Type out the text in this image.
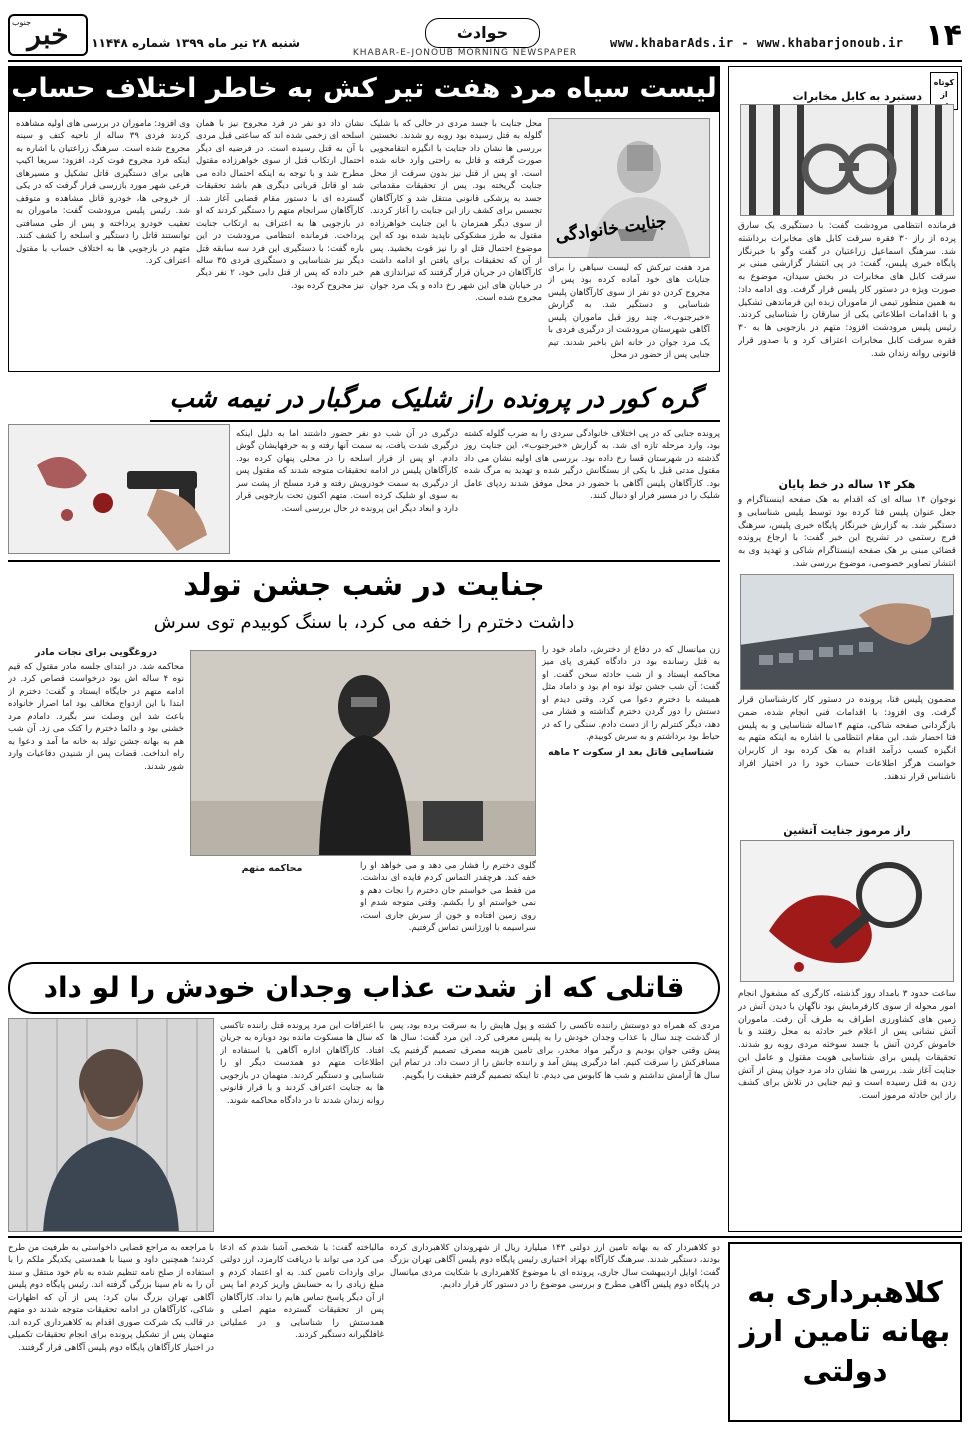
۱۴
www.khabarAds.ir - www.khabarjonoub.ir
حوادث
KHABAR-E-JONOUB MORNING NEWSPAPER
شنبه ۲۸ تیر ماه ۱۳۹۹ شماره ۱۱۴۴۸
جنوب
خبر
لیست سیاه مرد هفت تیر کش به خاطر اختلاف حساب
جنایت خانوادگی
مرد هفت تیرکش که لیست سیاهی را برای جنایات های خود آماده کرده بود پس از مجروح کردن دو نفر از سوی کارآگاهان پلیس شناسایی و دستگیر شد. به گزارش «خبرجنوب»، چند روز قبل ماموران پلیس آگاهی شهرستان مرودشت از درگیری فردی با یک مرد جوان در خانه اش باخبر شدند. تیم جنایی پس از حضور در محل
محل جنایت با جسد مردی در حالی که با شلیک گلوله به قتل رسیده بود روبه رو شدند. نخستین بررسی ها نشان داد جنایت با انگیزه انتقامجویی صورت گرفته و قاتل به راحتی وارد خانه شده است. او پس از قتل نیز بدون سرقت از محل جنایت گریخته بود. پس از تحقیقات مقدماتی جسد به پزشکی قانونی منتقل شد و کارآگاهان تجسس برای کشف راز این جنایت را آغاز کردند. از سوی دیگر همزمان با این جنایت خواهرزاده مقتول به طرز مشکوکی ناپدید شده بود که این موضوع احتمال قتل او را نیز قوت بخشید. پس از آن که تحقیقات برای یافتن او ادامه داشت کارآگاهان در جریان قرار گرفتند که تیراندازی هم در خیابان های این شهر رخ داده و یک مرد جوان مجروح شده است.
نشان داد دو نفر در فرد مجروح نیز با همان اسلحه ای زخمی شده اند که ساعتی قبل مردی با آن به قتل رسیده است. در فرضیه ای دیگر احتمال ارتکاب قتل از سوی خواهرزاده مقتول مطرح شد و با توجه به اینکه احتمال داده می شد او قاتل قربانی دیگری هم باشد تحقیقات گسترده ای با دستور مقام قضایی آغاز شد. کارآگاهان سرانجام متهم را دستگیر کردند که او در بازجویی ها به اعتراف به ارتکاب جنایت پرداخت. فرمانده انتظامی مرودشت در این باره گفت: با دستگیری این فرد سه سابقه قتل دیگر نیز شناسایی و دستگیری فردی ۳۵ ساله خبر داده که پس از قتل دایی خود، ۲ نفر دیگر نیز مجروح کرده بود.
وی افزود: ماموران در بررسی های اولیه مشاهده کردند فردی ۳۹ ساله از ناحیه کتف و سینه مجروح شده است. سرهنگ زراعتیان با اشاره به اینکه فرد مجروح فوت کرد، افزود: سریعا اکیپ هایی برای دستگیری قاتل تشکیل و مسیرهای فرعی شهر مورد بازرسی قرار گرفت که در یکی از خروجی ها، خودرو قاتل مشاهده و متوقف شد. رئیس پلیس مرودشت گفت: ماموران به تعقیب خودرو پرداخته و پس از طی مسافتی توانستند قاتل را دستگیر و اسلحه را کشف کنند. متهم در بازجویی ها به اختلاف حساب با مقتول اعتراف کرد.
گره کور در پرونده راز شلیک مرگبار در نیمه شب
پرونده جنایی که در پی اختلاف خانوادگی سردی را به ضرب گلوله کشته بود، وارد مرحله تازه ای شد. به گزارش «خبرجنوب»، این جنایت روز گذشته در شهرستان قسا رخ داده بود. بررسی های اولیه نشان می داد مقتول مدتی قبل با یکی از بستگانش درگیر شده و تهدید به مرگ شده بود. کارآگاهان پلیس آگاهی با حضور در محل موفق شدند ردپای عامل شلیک را در مسیر فرار او دنبال کنند.
درگیری در آن شب دو نفر حضور داشتند اما به دلیل اینکه درگیری شدت یافت، به سمت آنها رفته و به حرفهایشان گوش دادم. او پس از فرار اسلحه را در محلی پنهان کرده بود. کارآگاهان پلیس در ادامه تحقیقات متوجه شدند که مقتول پس از درگیری به سمت خودرویش رفته و فرد مسلح از پشت سر به سوی او شلیک کرده است. متهم اکنون تحت بازجویی قرار دارد و ابعاد دیگر این پرونده در حال بررسی است.
جنایت در شب جشن تولد
داشت دخترم را خفه می کرد، با سنگ کوبیدم توی سرش

زن میانسال که در دفاع از دخترش، داماد خود را به قتل رسانده بود در دادگاه کیفری پای میز محاکمه ایستاد و از شب حادثه سخن گفت. او گفت: آن شب جشن تولد نوه ام بود و داماد مثل همیشه با دخترم دعوا می کرد. وقتی دیدم او دستش را دور گردن دخترم گذاشته و فشار می دهد، دیگر کنترلم را از دست دادم. سنگی را که در حیاط بود برداشتم و به سرش کوبیدم.

شناسایی قاتل بعد از سکوت ۲ ماهه
گلوی دخترم را فشار می دهد و می خواهد او را خفه کند. هرچقدر التماس کردم فایده ای نداشت. من فقط می خواستم جان دخترم را نجات دهم و نمی خواستم او را بکشم. وقتی متوجه شدم او روی زمین افتاده و خون از سرش جاری است، سراسیمه با اورژانس تماس گرفتیم.
محاکمه متهم
دروغگویی برای نجات مادر

محاکمه شد. در ابتدای جلسه مادر مقتول که قیم نوه ۴ ساله اش بود درخواست قصاص کرد. در ادامه متهم در جایگاه ایستاد و گفت: دخترم از ابتدا با این ازدواج مخالف بود اما اصرار خانواده باعث شد این وصلت سر بگیرد. دامادم مرد خشنی بود و دائما دخترم را کتک می زد. آن شب هم به بهانه جشن تولد به خانه ما آمد و دعوا به راه انداخت. قضات پس از شنیدن دفاعیات وارد شور شدند.

قاتلی که از شدت عذاب وجدان خودش را لو داد
مردی که همراه دو دوستش راننده تاکسی را کشته و پول هایش را به سرقت برده بود، پس از گذشت چند سال با عذاب وجدان خودش را به پلیس معرفی کرد. این مرد گفت: سال ها پیش وقتی جوان بودیم و درگیر مواد مخدر، برای تامین هزینه مصرف تصمیم گرفتیم یک مسافرکش را سرقت کنیم. اما درگیری پیش آمد و راننده جانش را از دست داد. در تمام این سال ها آرامش نداشتم و شب ها کابوس می دیدم. تا اینکه تصمیم گرفتم حقیقت را بگویم.
با اعترافات این مرد پرونده قتل راننده تاکسی که سال ها مسکوت مانده بود دوباره به جریان افتاد. کارآگاهان اداره آگاهی با استفاده از اطلاعات متهم دو همدست دیگر او را شناسایی و دستگیر کردند. متهمان در بازجویی ها به جنایت اعتراف کردند و با قرار قانونی روانه زندان شدند تا در دادگاه محاکمه شوند.
دو کلاهبردار که به بهانه تامین ارز دولتی ۱۴۳ میلیارد ریال از شهروندان کلاهبرداری کرده بودند، دستگیر شدند. سرهنگ کارآگاه بهزاد اختیاری رئیس پایگاه دوم پلیس آگاهی تهران بزرگ گفت: اوایل اردیبهشت سال جاری، پرونده ای با موضوع کلاهبرداری با شکایت مردی میانسال در پایگاه دوم پلیس آگاهی مطرح و بررسی موضوع را در دستور کار قرار دادیم.
مالباخته گفت: با شخصی آشنا شدم که ادعا می کرد می تواند با دریافت کارمزد، ارز دولتی برای واردات تامین کند. به او اعتماد کردم و مبلغ زیادی را به حسابش واریز کردم اما پس از آن دیگر پاسخ تماس هایم را نداد. کارآگاهان پس از تحقیقات گسترده متهم اصلی و همدستش را شناسایی و در عملیاتی غافلگیرانه دستگیر کردند.
با مراجعه به مراجع قضایی داخواستی به ظرفیت من طرح کردند؛ همچنین داود و سینا با همدستی یکدیگر ملکم را با استفاده از صلح نامه تنظیم شده به نام خود منتقل و سند آن را به نام سینا بزرگی گرفته اند. رئیس پایگاه دوم پلیس آگاهی تهران بزرگ بیان کرد: پس از آن که اظهارات شاکی، کارآگاهان در ادامه تحقیقات متوجه شدند دو متهم در قالب یک شرکت صوری اقدام به کلاهبرداری کرده اند. متهمان پس از تشکیل پرونده برای انجام تحقیقات تکمیلی در اختیار کارآگاهان پایگاه دوم پلیس آگاهی قرار گرفتند.
کلاهبرداری به بهانه تامین ارز دولتی
کوتاه از
دستبرد به کابل مخابرات
فرمانده انتظامی مرودشت گفت: با دستگیری یک سارق پرده از راز ۳۰ فقره سرقت کابل های مخابرات برداشته شد. سرهنگ اسماعیل زراعتیان در گفت وگو با خبرنگار پایگاه خبری پلیس، گفت: در پی انتشار گزارشی مبنی بر سرقت کابل های مخابرات در بخش سیدان، موضوع به صورت ویژه در دستور کار پلیس قرار گرفت. وی ادامه داد: به همین منظور تیمی از ماموران زبده این فرماندهی تشکیل و با اقدامات اطلاعاتی یکی از سارقان را شناسایی کردند. رئیس پلیس مرودشت افزود: متهم در بازجویی ها به ۳۰ فقره سرقت کابل مخابرات اعتراف کرد و با صدور قرار قانونی روانه زندان شد.
هکر ۱۴ ساله در خط پایان
نوجوان ۱۴ ساله ای که اقدام به هک صفحه اینستاگرام و جعل عنوان پلیس فتا کرده بود توسط پلیس شناسایی و دستگیر شد. به گزارش خبرنگار پایگاه خبری پلیس، سرهنگ فرج رستمی در تشریح این خبر گفت: با ارجاع پرونده قضائی مبنی بر هک صفحه اینستاگرام شاکی و تهدید وی به انتشار تصاویر خصوصی، موضوع بررسی شد.
مضمون پلیس فتا، پرونده در دستور کار کارشناسان قرار گرفت. وی افزود: با اقدامات فنی انجام شده، ضمن بازگردانی صفحه شاکی، متهم ۱۴ساله شناسایی و به پلیس فتا احضار شد. این مقام انتظامی با اشاره به اینکه متهم به انگیزه کسب درآمد اقدام به هک کرده بود از کاربران خواست هرگز اطلاعات حساب خود را در اختیار افراد ناشناس قرار ندهند.
راز مرموز جنایت آتشین
ساعت حدود ۳ بامداد روز گذشته، کارگری که مشغول انجام امور محوله از سوی کارفرمایش بود ناگهان با دیدن آتش در زمین های کشاورزی اطراف به طرف آن رفت. ماموران آتش نشانی پس از اعلام خبر حادثه به محل رفتند و با خاموش کردن آتش با جسد سوخته مردی روبه رو شدند. تحقیقات پلیس برای شناسایی هویت مقتول و عامل این جنایت آغاز شد. بررسی ها نشان داد مرد جوان پیش از آتش زدن به قتل رسیده است و تیم جنایی در تلاش برای کشف راز این حادثه مرموز است.
